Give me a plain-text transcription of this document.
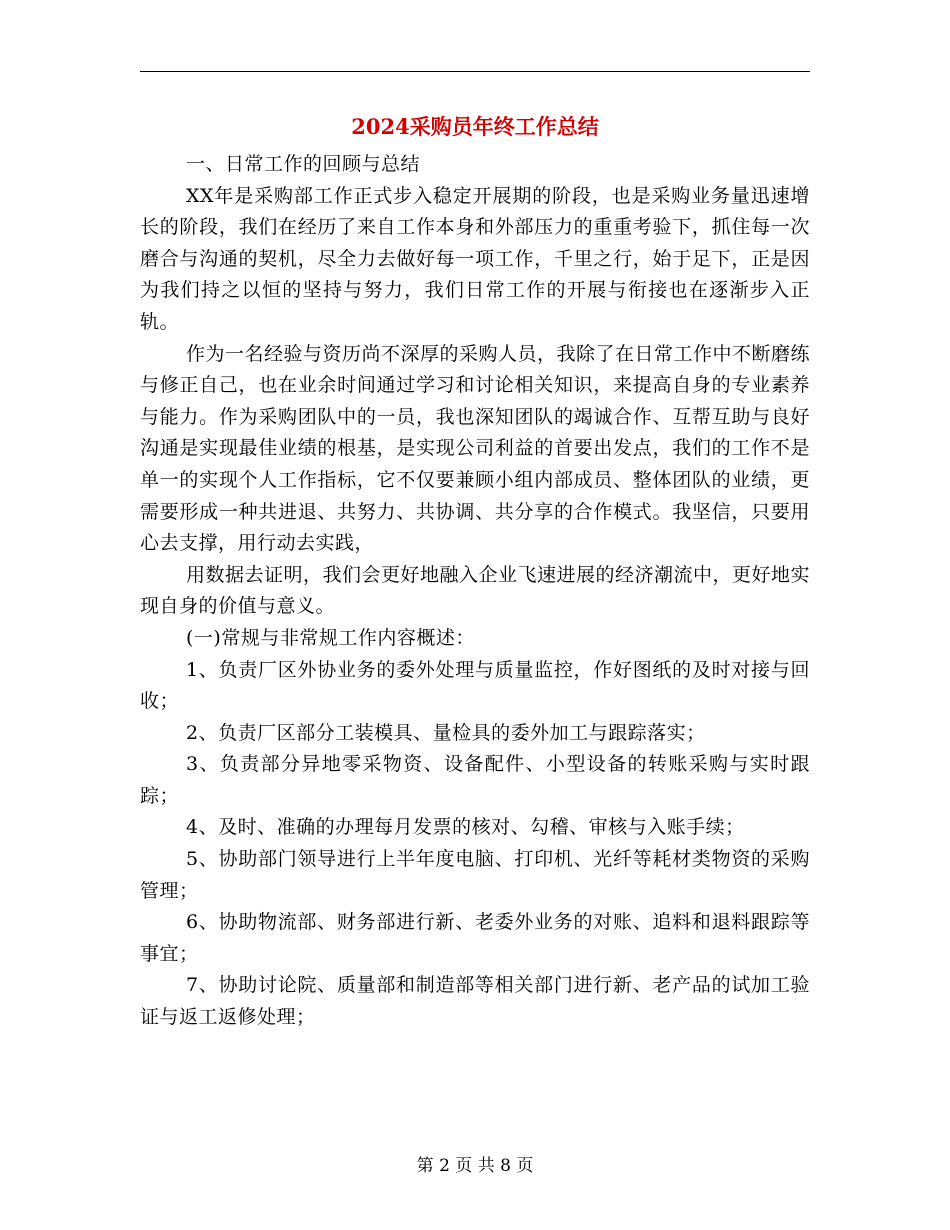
2024采购员年终工作总结

一、日常工作的回顾与总结

XX年是采购部工作正式步入稳定开展期的阶段，也是采购业务量迅速增长的阶段，我们在经历了来自工作本身和外部压力的重重考验下，抓住每一次磨合与沟通的契机，尽全力去做好每一项工作，千里之行，始于足下，正是因为我们持之以恒的坚持与努力，我们日常工作的开展与衔接也在逐渐步入正轨。

作为一名经验与资历尚不深厚的采购人员，我除了在日常工作中不断磨练与修正自己，也在业余时间通过学习和讨论相关知识，来提高自身的专业素养与能力。作为采购团队中的一员，我也深知团队的竭诚合作、互帮互助与良好沟通是实现最佳业绩的根基，是实现公司利益的首要出发点，我们的工作不是单一的实现个人工作指标，它不仅要兼顾小组内部成员、整体团队的业绩，更需要形成一种共进退、共努力、共协调、共分享的合作模式。我坚信，只要用心去支撑，用行动去实践，

用数据去证明，我们会更好地融入企业飞速进展的经济潮流中，更好地实现自身的价值与意义。

(一)常规与非常规工作内容概述：

1、负责厂区外协业务的委外处理与质量监控，作好图纸的及时对接与回收；

2、负责厂区部分工装模具、量检具的委外加工与跟踪落实；

3、负责部分异地零采物资、设备配件、小型设备的转账采购与实时跟踪；

4、及时、准确的办理每月发票的核对、勾稽、审核与入账手续；

5、协助部门领导进行上半年度电脑、打印机、光纤等耗材类物资的采购管理；

6、协助物流部、财务部进行新、老委外业务的对账、追料和退料跟踪等事宜；

7、协助讨论院、质量部和制造部等相关部门进行新、老产品的试加工验证与返工返修处理；

第 2 页 共 8 页
